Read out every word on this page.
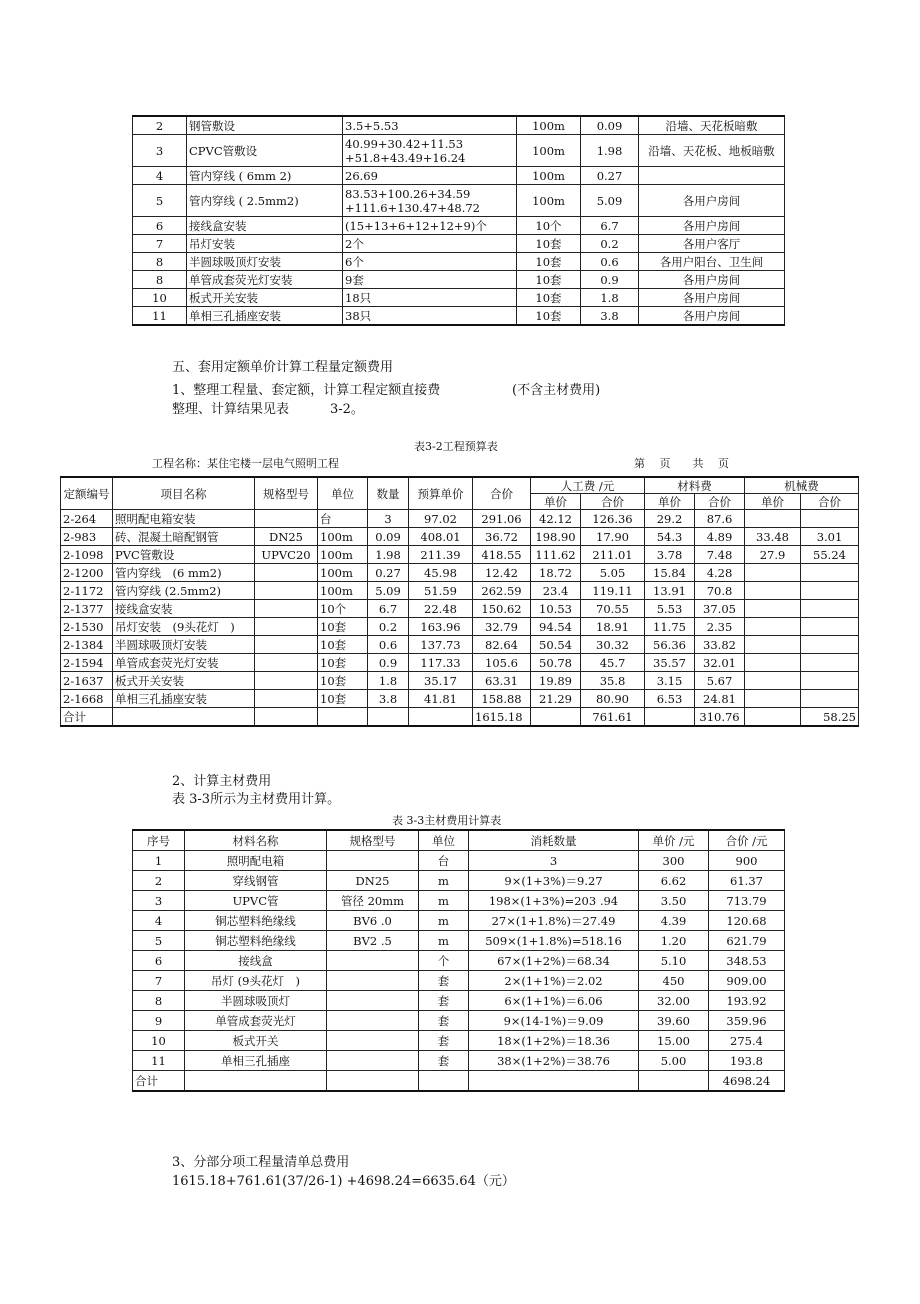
2	钢管敷设	3.5+5.53	100m	0.09	沿墙、天花板暗敷
3	CPVC管敷设	40.99+30.42+11.53 +51.8+43.49+16.24	100m	1.98	沿墙、天花板、地板暗敷
4	管内穿线 ( 6mm 2)	26.69	100m	0.27	
5	管内穿线 ( 2.5mm2)	83.53+100.26+34.59 +111.6+130.47+48.72	100m	5.09	各用户房间
6	接线盒安装	(15+13+6+12+12+9)个	10个	6.7	各用户房间
7	吊灯安装	2个	10套	0.2	各用户客厅
8	半圆球吸顶灯安装	6个	10套	0.6	各用户阳台、卫生间
8	单管成套荧光灯安装	9套	10套	0.9	各用户房间
10	板式开关安装	18只	10套	1.8	各用户房间
11	单相三孔插座安装	38只	10套	3.8	各用户房间
五、套用定额单价计算工程量定额费用
1、整理工程量、套定额，计算工程定额直接费	(不含主材费用)
整理、计算结果见表	3-2。
表3-2工程预算表
工程名称：某住宅楼一层电气照明工程	第　 页　　共　 页
定额编号	项目名称	规格型号	单位	数量	预算单价	合价	人工费 /元		材料费		机械费	
							单价	合价	单价	合价	单价	合价
2-264	照明配电箱安装		台	3	97.02	291.06	42.12	126.36	29.2	87.6		
2-983	砖、混凝土暗配钢管	DN25	100m	0.09	408.01	36.72	198.90	17.90	54.3	4.89	33.48	3.01
2-1098	PVC管敷设	UPVC20	100m	1.98	211.39	418.55	111.62	211.01	3.78	7.48	27.9	55.24
2-1200	管内穿线　(6 mm2)		100m	0.27	45.98	12.42	18.72	5.05	15.84	4.28		
2-1172	管内穿线 (2.5mm2)		100m	5.09	51.59	262.59	23.4	119.11	13.91	70.8		
2-1377	接线盒安装		10个	6.7	22.48	150.62	10.53	70.55	5.53	37.05		
2-1530	吊灯安装　(9头花灯　)		10套	0.2	163.96	32.79	94.54	18.91	11.75	2.35		
2-1384	半圆球吸顶灯安装		10套	0.6	137.73	82.64	50.54	30.32	56.36	33.82		
2-1594	单管成套荧光灯安装		10套	0.9	117.33	105.6	50.78	45.7	35.57	32.01		
2-1637	板式开关安装		10套	1.8	35.17	63.31	19.89	35.8	3.15	5.67		
2-1668	单相三孔插座安装		10套	3.8	41.81	158.88	21.29	80.90	6.53	24.81		
合计						1615.18		761.61		310.76		58.25
2、计算主材费用
表 3-3所示为主材费用计算。
表 3-3主材费用计算表
序号	材料名称	规格型号	单位	消耗数量	单价 /元	合价 /元
1	照明配电箱		台	3	300	900
2	穿线钢管	DN25	m	9×(1+3%)＝9.27	6.62	61.37
3	UPVC管	管径 20mm	m	198×(1+3%)=203 .94	3.50	713.79
4	铜芯塑料绝缘线	BV6 .0	m	27×(1+1.8%)＝27.49	4.39	120.68
5	铜芯塑料绝缘线	BV2 .5	m	509×(1+1.8%)=518.16	1.20	621.79
6	接线盒		个	67×(1+2%)＝68.34	5.10	348.53
7	吊灯 (9头花灯　)		套	2×(1+1%)＝2.02	450	909.00
8	半圆球吸顶灯		套	6×(1+1%)＝6.06	32.00	193.92
9	单管成套荧光灯		套	9×(14-1%)＝9.09	39.60	359.96
10	板式开关		套	18×(1+2%)＝18.36	15.00	275.4
11	单相三孔插座		套	38×(1+2%)＝38.76	5.00	193.8
合计						4698.24
3、分部分项工程量清单总费用
1615.18+761.61(37/26-1) +4698.24=6635.64（元）
